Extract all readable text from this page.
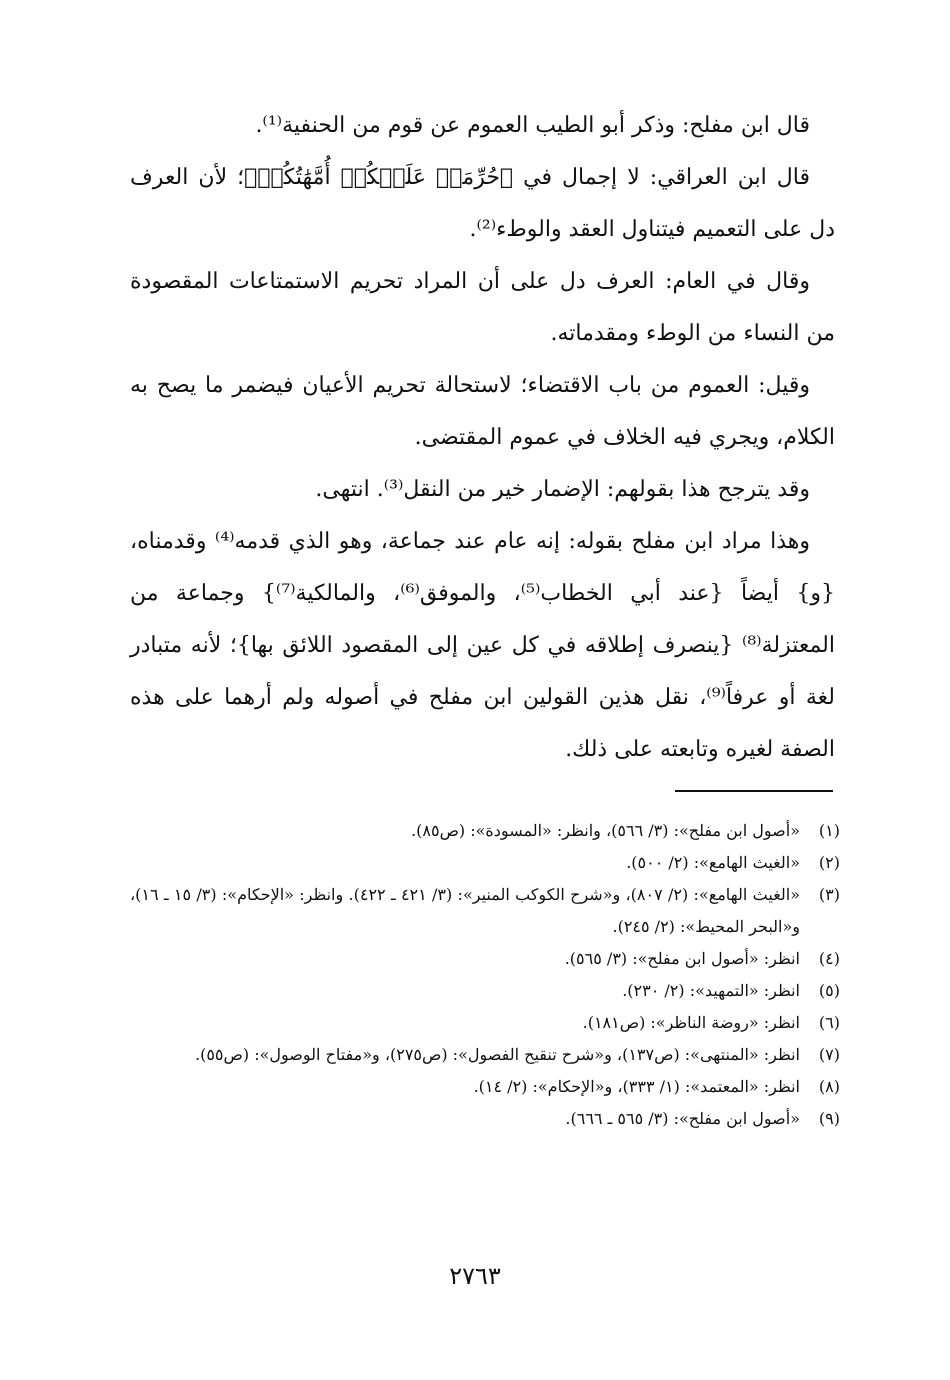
قال ابن مفلح: وذكر أبو الطيب العموم عن قوم من الحنفية⁽¹⁾.

قال ابن العراقي: لا إجمال في ﴿حُرِّمَتۡ عَلَيۡكُمۡ أُمَّهَٰتُكُمۡ﴾؛ لأن العرف دل على التعميم فيتناول العقد والوطء⁽²⁾.

وقال في العام: العرف دل على أن المراد تحريم الاستمتاعات المقصودة من النساء من الوطء ومقدماته.

وقيل: العموم من باب الاقتضاء؛ لاستحالة تحريم الأعيان فيضمر ما يصح به الكلام، ويجري فيه الخلاف في عموم المقتضى.

وقد يترجح هذا بقولهم: الإضمار خير من النقل⁽³⁾. انتهى.

وهذا مراد ابن مفلح بقوله: إنه عام عند جماعة، وهو الذي قدمه⁽⁴⁾ وقدمناه، {و} أيضاً {عند أبي الخطاب⁽⁵⁾، والموفق⁽⁶⁾، والمالكية⁽⁷⁾} وجماعة من المعتزلة⁽⁸⁾ {ينصرف إطلاقه في كل عين إلى المقصود اللائق بها}؛ لأنه متبادر لغة أو عرفاً⁽⁹⁾، نقل هذين القولين ابن مفلح في أصوله ولم أرهما على هذه الصفة لغيره وتابعته على ذلك.

(١)
«أصول ابن مفلح»: (٣/ ٥٦٦)، وانظر: «المسودة»: (ص٨٥).
(٢)
«الغيث الهامع»: (٢/ ٥٠٠).
(٣)
«الغيث الهامع»: (٢/ ٨٠٧)، و«شرح الكوكب المنير»: (٣/ ٤٢١ ـ ٤٢٢). وانظر: «الإحكام»: (٣/ ١٥ ـ ١٦)، و«البحر المحيط»: (٢/ ٢٤٥).
(٤)
انظر: «أصول ابن مفلح»: (٣/ ٥٦٥).
(٥)
انظر: «التمهيد»: (٢/ ٢٣٠).
(٦)
انظر: «روضة الناظر»: (ص١٨١).
(٧)
انظر: «المنتهى»: (ص١٣٧)، و«شرح تنقيح الفصول»: (ص٢٧٥)، و«مفتاح الوصول»: (ص٥٥).
(٨)
انظر: «المعتمد»: (١/ ٣٣٣)، و«الإحكام»: (٢/ ١٤).
(٩)
«أصول ابن مفلح»: (٣/ ٥٦٥ ـ ٦٦٦).
٢٧٦٣
